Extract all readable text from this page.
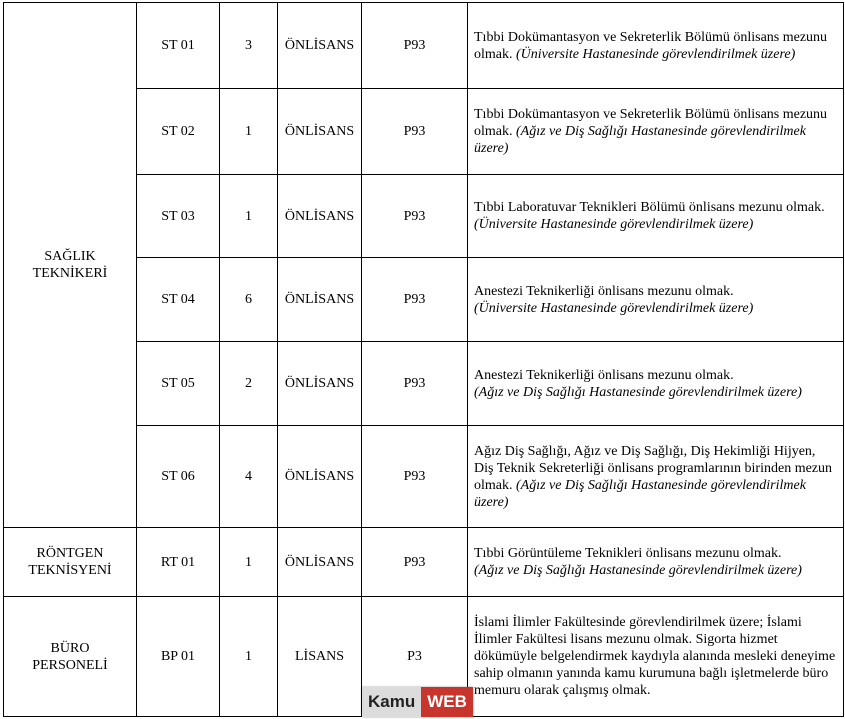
SAĞLIK
TEKNİKERİ	ST 01	3	ÖNLİSANS	P93	Tıbbi Dokümantasyon ve Sekreterlik Bölümü önlisans mezunu olmak. (Üniversite Hastanesinde görevlendirilmek üzere)
	ST 02	1	ÖNLİSANS	P93	Tıbbi Dokümantasyon ve Sekreterlik Bölümü önlisans mezunu olmak. (Ağız ve Diş Sağlığı Hastanesinde görevlendirilmek üzere)
	ST 03	1	ÖNLİSANS	P93	Tıbbi Laboratuvar Teknikleri Bölümü önlisans mezunu olmak. (Üniversite Hastanesinde görevlendirilmek üzere)
	ST 04	6	ÖNLİSANS	P93	Anestezi Teknikerliği önlisans mezunu olmak.
(Üniversite Hastanesinde görevlendirilmek üzere)
	ST 05	2	ÖNLİSANS	P93	Anestezi Teknikerliği önlisans mezunu olmak.
(Ağız ve Diş Sağlığı Hastanesinde görevlendirilmek üzere)
	ST 06	4	ÖNLİSANS	P93	Ağız Diş Sağlığı, Ağız ve Diş Sağlığı, Diş Hekimliği Hijyen, Diş Teknik Sekreterliği önlisans programlarının birinden mezun olmak. (Ağız ve Diş Sağlığı Hastanesinde görevlendirilmek üzere)
RÖNTGEN
TEKNİSYENİ	RT 01	1	ÖNLİSANS	P93	Tıbbi Görüntüleme Teknikleri önlisans mezunu olmak.
(Ağız ve Diş Sağlığı Hastanesinde görevlendirilmek üzere)
BÜRO
PERSONELİ	BP 01	1	LİSANS	P3	İslami İlimler Fakültesinde görevlendirilmek üzere; İslami İlimler Fakültesi lisans mezunu olmak. Sigorta hizmet dökümüyle belgelendirmek kaydıyla alanında mesleki deneyime sahip olmanın yanında kamu kurumuna bağlı işletmelerde büro memuru olarak çalışmış olmak.
Kamu WEB
